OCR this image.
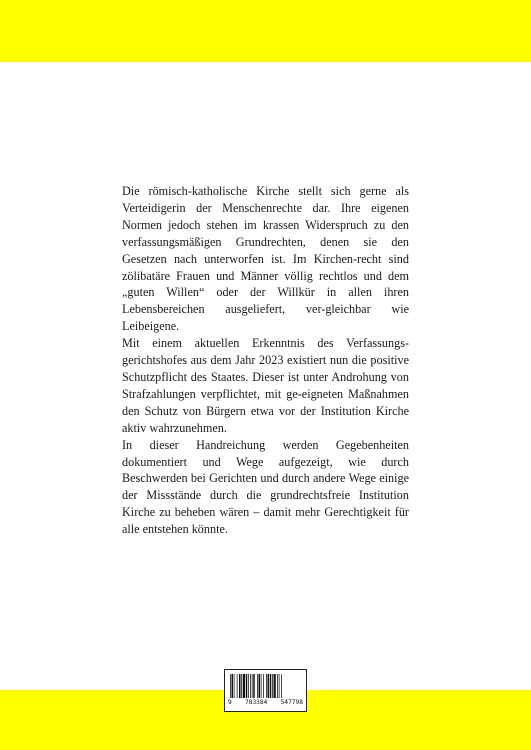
Die römisch-katholische Kirche stellt sich gerne als Verteidigerin der Menschenrechte dar. Ihre eigenen Normen jedoch stehen im krassen Widerspruch zu den verfassungsmäßigen Grundrechten, denen sie den Gesetzen nach unterworfen ist. Im Kirchen-recht sind zölibatäre Frauen und Männer völlig rechtlos und dem „guten Willen“ oder der Willkür in allen ihren Lebensbereichen ausgeliefert, ver-gleichbar wie Leibeigene.

Mit einem aktuellen Erkenntnis des Verfassungs-gerichtshofes aus dem Jahr 2023 existiert nun die positive Schutzpflicht des Staates. Dieser ist unter Androhung von Strafzahlungen verpflichtet, mit ge-eigneten Maßnahmen den Schutz von Bürgern etwa vor der Institution Kirche aktiv wahrzunehmen.

In dieser Handreichung werden Gegebenheiten dokumentiert und Wege aufgezeigt, wie durch Beschwerden bei Gerichten und durch andere Wege einige der Missstände durch die grundrechtsfreie Institution Kirche zu beheben wären – damit mehr Gerechtigkeit für alle entstehen könnte.

9 783384 547798
